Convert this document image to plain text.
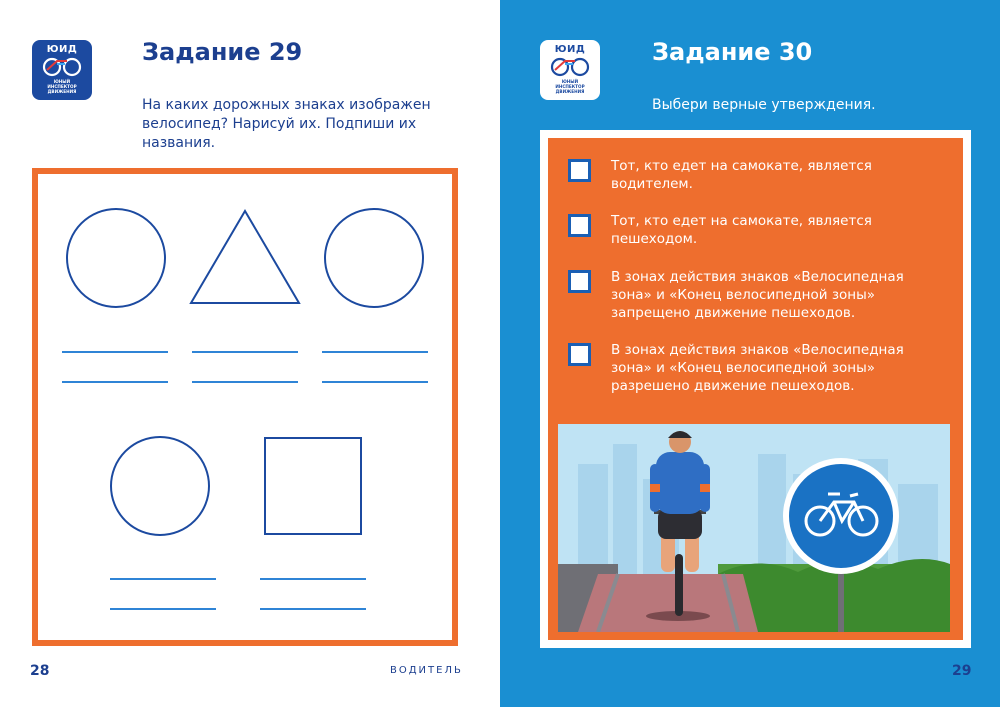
ЮИД
ЮНЫЙ
ИНСПЕКТОР
ДВИЖЕНИЯ
Задание 29
На каких дорожных знаках изображен велосипед? Нарисуй их. Подпиши их названия.
28	ВОДИТЕЛЬ
ЮИД
ЮНЫЙ
ИНСПЕКТОР
ДВИЖЕНИЯ
Задание 30
Выбери верные утверждения.
Тот, кто едет на самокате, является водителем.
Тот, кто едет на самокате, является пешеходом.
В зонах действия знаков «Велосипедная зона» и «Конец велосипедной зоны» запрещено движение пешеходов.
В зонах действия знаков «Велосипедная зона» и «Конец велосипедной зоны» разрешено движение пешеходов.
29
